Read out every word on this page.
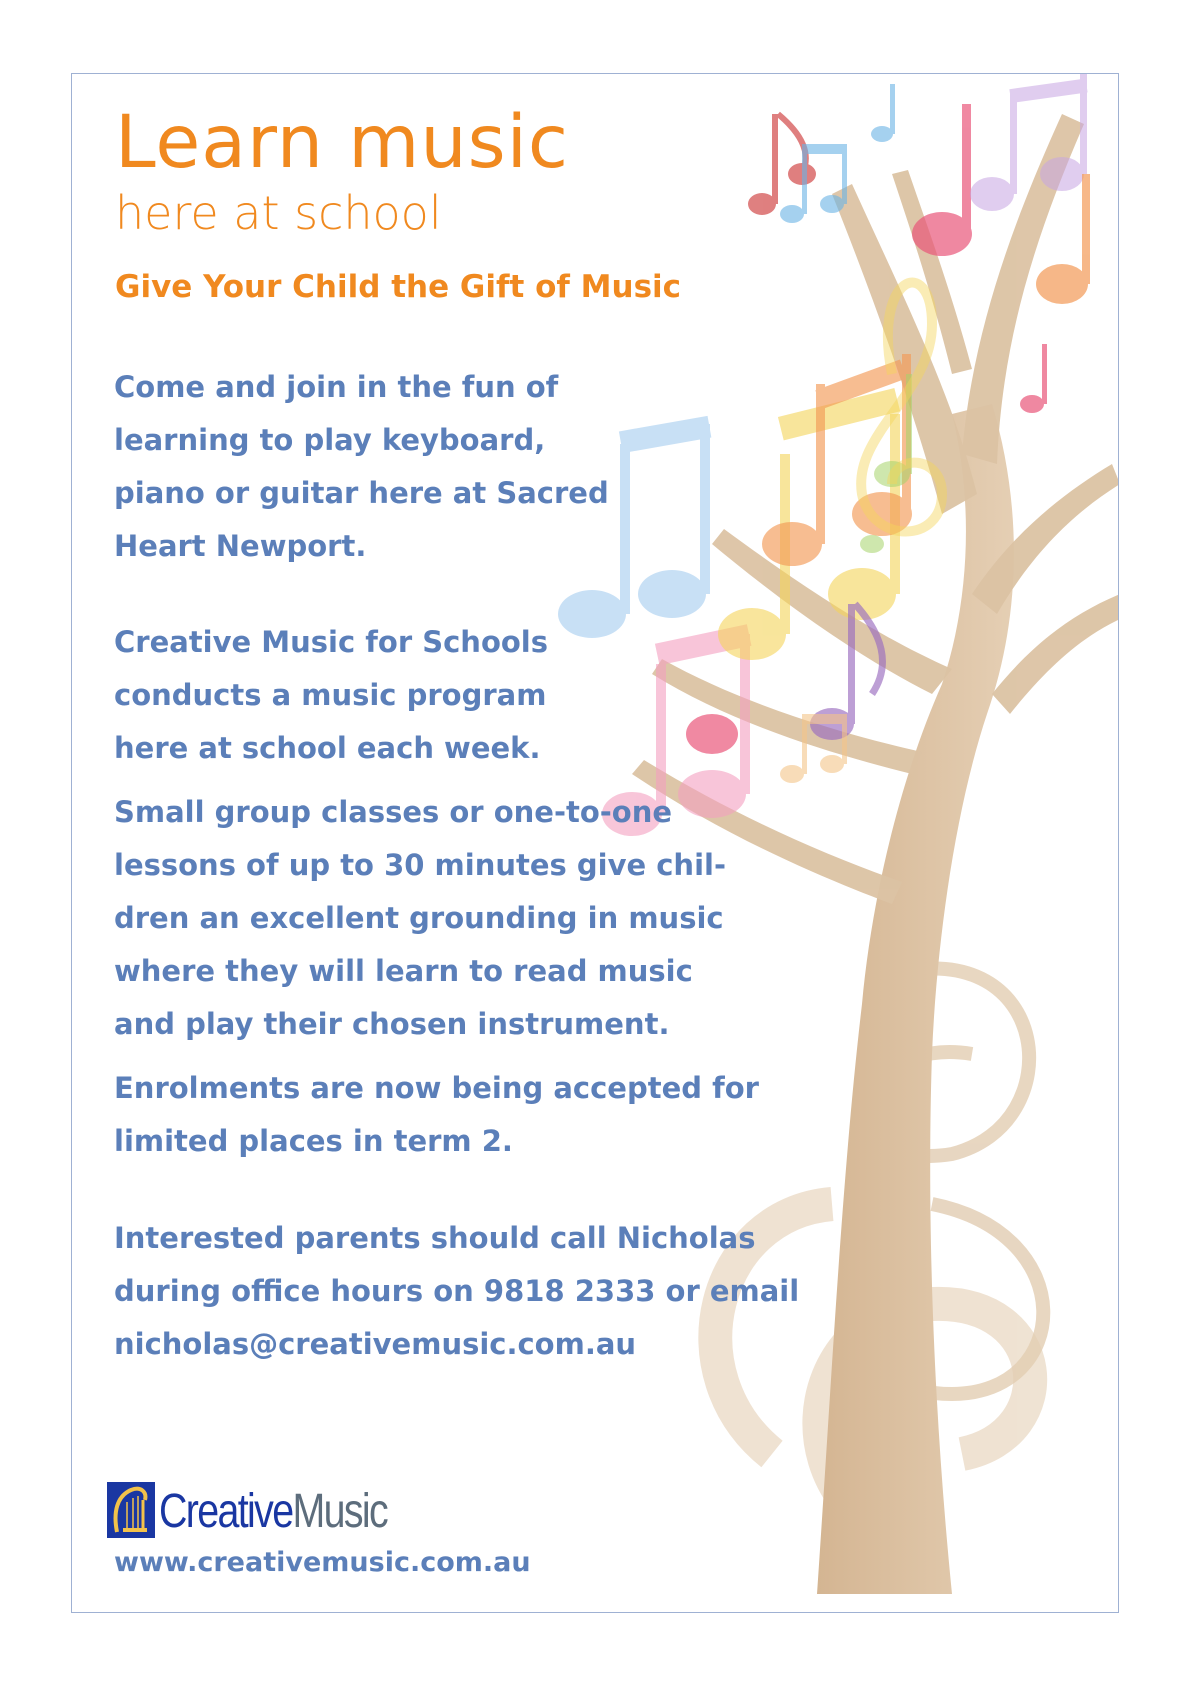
Learn music
here at school
Give Your Child the Gift of Music

Come and join in the fun of
learning to play keyboard,
piano or guitar here at Sacred
Heart Newport.

Creative Music for Schools
conducts a music program
here at school each week.

Small group classes or one-to-one
lessons of up to 30 minutes give chil-
dren an excellent grounding in music
where they will learn to read music
and play their chosen instrument.

Enrolments are now being accepted for
limited places in term 2.

Interested parents should call Nicholas
during office hours on 9818 2333 or email
nicholas@creativemusic.com.au

CreativeMusic

www.creativemusic.com.au
